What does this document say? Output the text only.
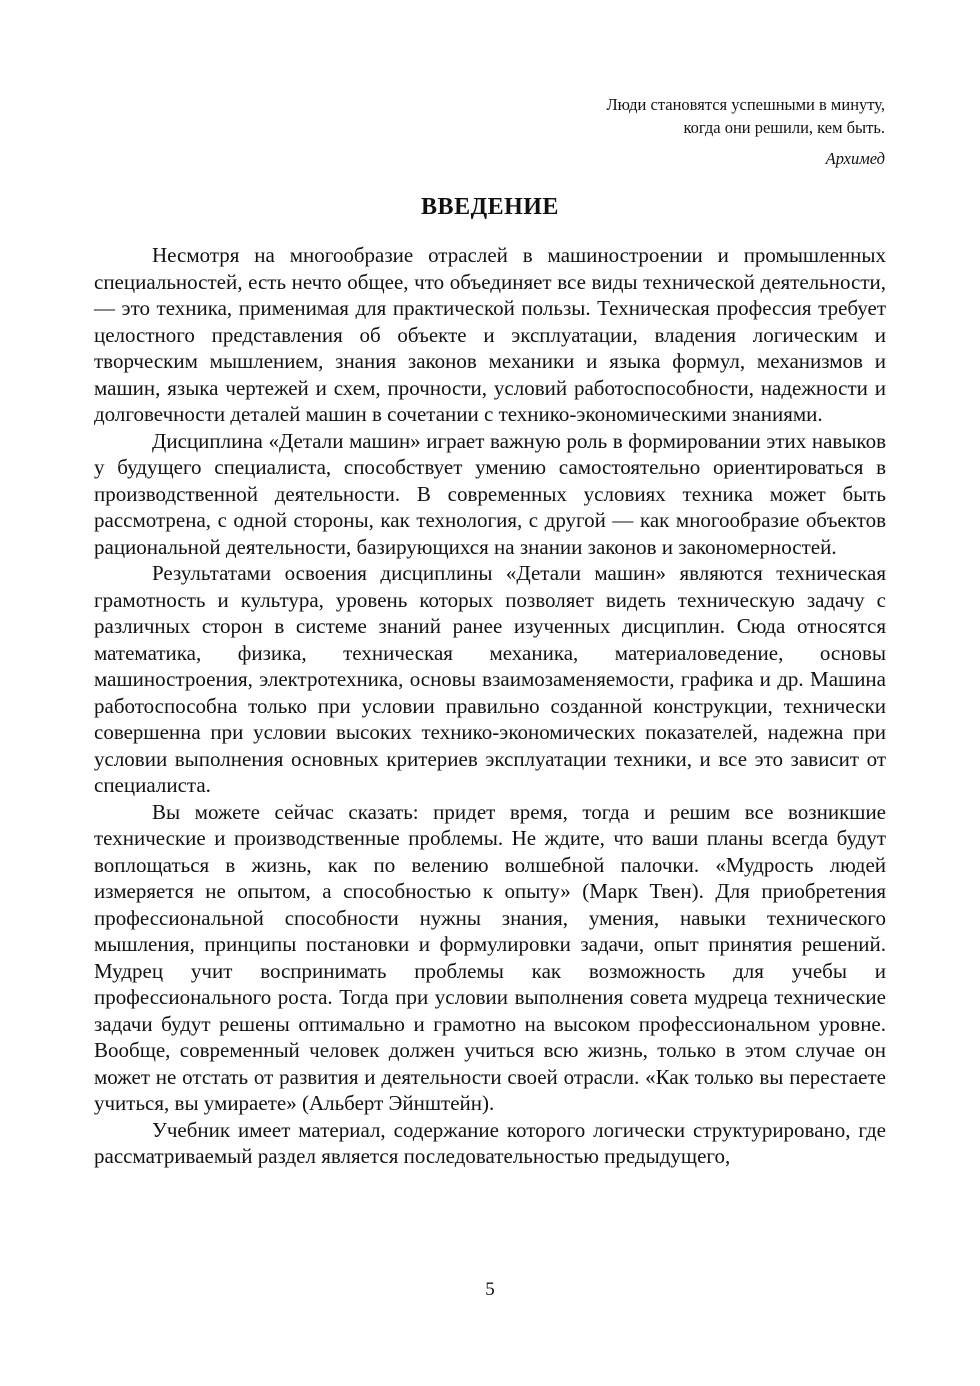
Люди становятся успешными в минуту,
когда они решили, кем быть.
Архимед
ВВЕДЕНИЕ

Несмотря на многообразие отраслей в машиностроении и промышленных специальностей, есть нечто общее, что объединяет все виды технической деятельности, — это техника, применимая для практической пользы. Техническая профессия требует целостного представления об объекте и эксплуатации, владения логическим и творческим мышлением, знания законов механики и языка формул, механизмов и машин, языка чертежей и схем, прочности, условий работоспособности, надежности и долговечности деталей машин в сочетании с технико-экономическими знаниями.

Дисциплина «Детали машин» играет важную роль в формировании этих навыков у будущего специалиста, способствует умению самостоятельно ориентироваться в производственной деятельности. В современных условиях техника может быть рассмотрена, с одной стороны, как технология, с другой — как многообразие объектов рациональной деятельности, базирующихся на знании законов и закономерностей.

Результатами освоения дисциплины «Детали машин» являются техническая грамотность и культура, уровень которых позволяет видеть техническую задачу с различных сторон в системе знаний ранее изученных дисциплин. Сюда относятся математика, физика, техническая механика, материаловедение, основы машиностроения, электротехника, основы взаимозаменяемости, графика и др. Машина работоспособна только при условии правильно созданной конструкции, технически совершенна при условии высоких технико-экономических показателей, надежна при условии выполнения основных критериев эксплуатации техники, и все это зависит от специалиста.

Вы можете сейчас сказать: придет время, тогда и решим все возникшие технические и производственные проблемы. Не ждите, что ваши планы всегда будут воплощаться в жизнь, как по велению волшебной палочки. «Мудрость людей измеряется не опытом, а способностью к опыту» (Марк Твен). Для приобретения профессиональной способности нужны знания, умения, навыки технического мышления, принципы постановки и формулировки задачи, опыт принятия решений. Мудрец учит воспринимать проблемы как возможность для учебы и профессионального роста. Тогда при условии выполнения совета мудреца технические задачи будут решены оптимально и грамотно на высоком профессиональном уровне. Вообще, современный человек должен учиться всю жизнь, только в этом случае он может не отстать от развития и деятельности своей отрасли. «Как только вы перестаете учиться, вы умираете» (Альберт Эйнштейн).

Учебник имеет материал, содержание которого логически структурировано, где рассматриваемый раздел является последовательностью предыдущего,

5
